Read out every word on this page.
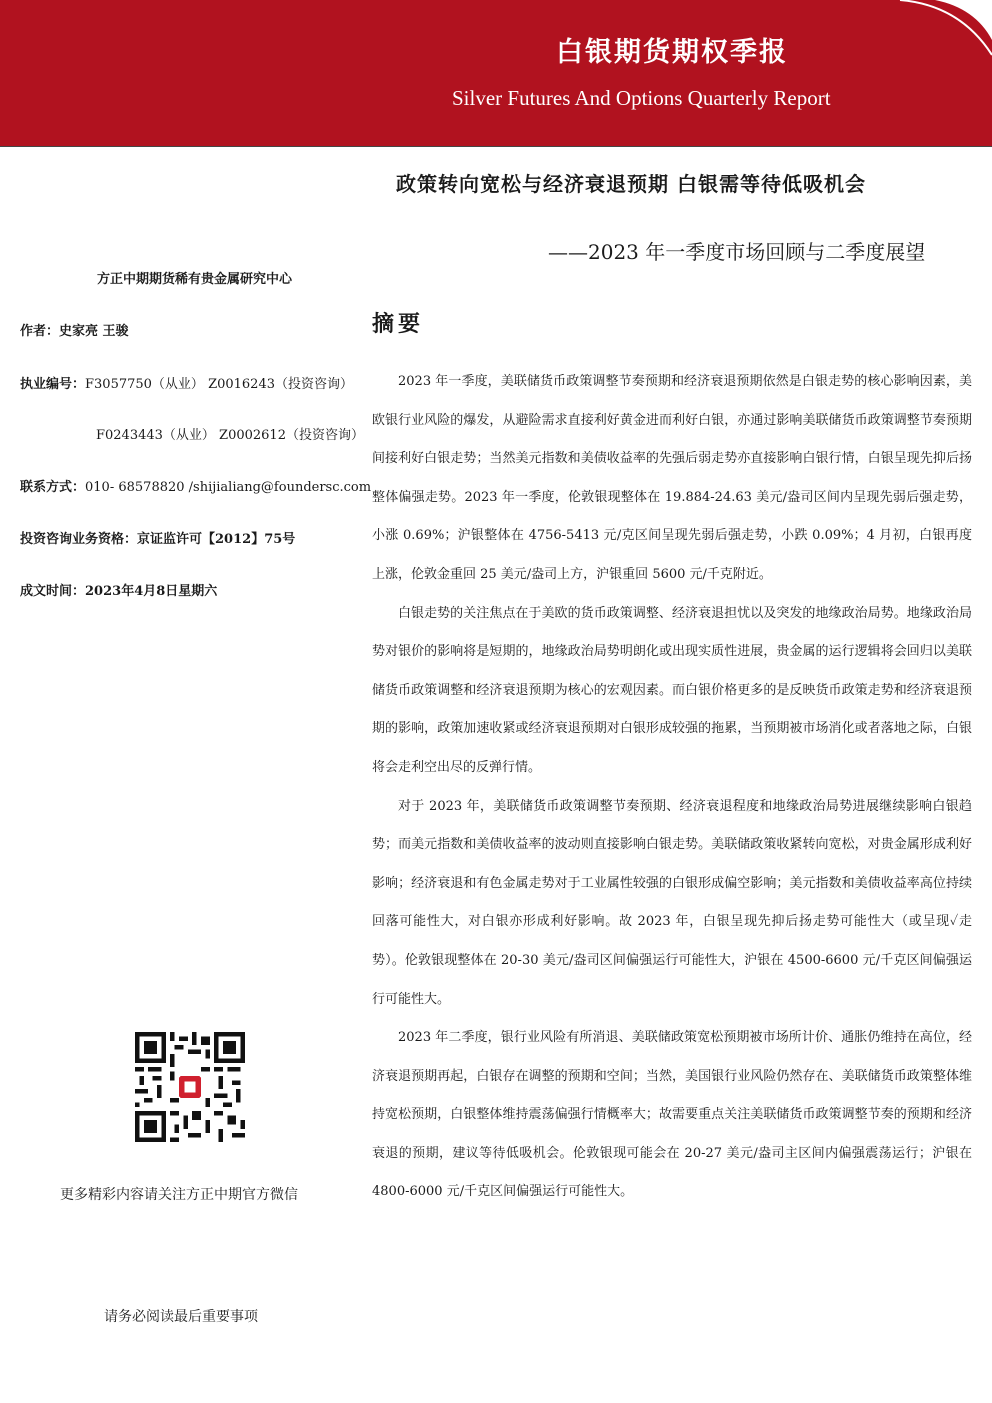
白银期货期权季报
Silver Futures And Options Quarterly Report
政策转向宽松与经济衰退预期 白银需等待低吸机会
——2023 年一季度市场回顾与二季度展望
方正中期期货稀有贵金属研究中心
作者：史家亮 王骏
执业编号：F3057750（从业） Z0016243（投资咨询）
F0243443（从业） Z0002612（投资咨询）
联系方式：010- 68578820 /shijialiang@foundersc.com
投资咨询业务资格：京证监许可【2012】75号
成文时间：2023年4月8日星期六
更多精彩内容请关注方正中期官方微信
请务必阅读最后重要事项
摘要

2023 年一季度，美联储货币政策调整节奏预期和经济衰退预期依然是白银走势的核心影响因素，美欧银行业风险的爆发，从避险需求直接利好黄金进而利好白银，亦通过影响美联储货币政策调整节奏预期间接利好白银走势；当然美元指数和美债收益率的先强后弱走势亦直接影响白银行情，白银呈现先抑后扬整体偏强走势。2023 年一季度，伦敦银现整体在 19.884-24.63 美元/盎司区间内呈现先弱后强走势，小涨 0.69%；沪银整体在 4756-5413 元/克区间呈现先弱后强走势，小跌 0.09%；4 月初，白银再度上涨，伦敦金重回 25 美元/盎司上方，沪银重回 5600 元/千克附近。

白银走势的关注焦点在于美欧的货币政策调整、经济衰退担忧以及突发的地缘政治局势。地缘政治局势对银价的影响将是短期的，地缘政治局势明朗化或出现实质性进展，贵金属的运行逻辑将会回归以美联储货币政策调整和经济衰退预期为核心的宏观因素。而白银价格更多的是反映货币政策走势和经济衰退预期的影响，政策加速收紧或经济衰退预期对白银形成较强的拖累，当预期被市场消化或者落地之际，白银将会走利空出尽的反弹行情。

对于 2023 年，美联储货币政策调整节奏预期、经济衰退程度和地缘政治局势进展继续影响白银趋势；而美元指数和美债收益率的波动则直接影响白银走势。美联储政策收紧转向宽松，对贵金属形成利好影响；经济衰退和有色金属走势对于工业属性较强的白银形成偏空影响；美元指数和美债收益率高位持续回落可能性大，对白银亦形成利好影响。故 2023 年，白银呈现先抑后扬走势可能性大（或呈现✓走势）。伦敦银现整体在 20-30 美元/盎司区间偏强运行可能性大，沪银在 4500-6600 元/千克区间偏强运行可能性大。

2023 年二季度，银行业风险有所消退、美联储政策宽松预期被市场所计价、通胀仍维持在高位，经济衰退预期再起，白银存在调整的预期和空间；当然，美国银行业风险仍然存在、美联储货币政策整体维持宽松预期，白银整体维持震荡偏强行情概率大；故需要重点关注美联储货币政策调整节奏的预期和经济衰退的预期，建议等待低吸机会。伦敦银现可能会在 20-27 美元/盎司主区间内偏强震荡运行；沪银在 4800-6000 元/千克区间偏强运行可能性大。
